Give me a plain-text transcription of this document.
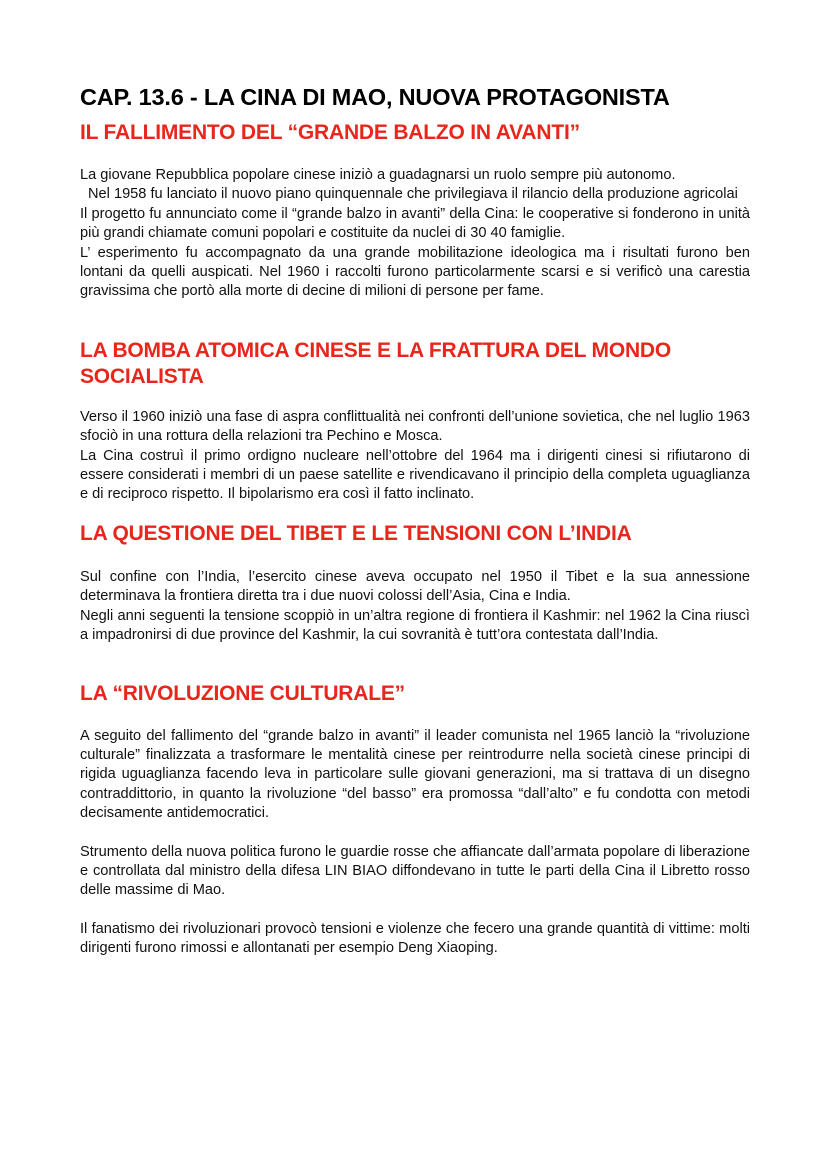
CAP. 13.6 - LA CINA DI MAO, NUOVA PROTAGONISTA
IL FALLIMENTO DEL “GRANDE BALZO IN AVANTI”

La giovane Repubblica popolare cinese iniziò a guadagnarsi un ruolo sempre più autonomo.

Nel 1958 fu lanciato il nuovo piano quinquennale che privilegiava il rilancio della produzione agricolai

Il progetto fu annunciato come il “grande balzo in avanti” della Cina: le cooperative si fonderono in unità più grandi chiamate comuni popolari e costituite da nuclei di 30 40 famiglie.

L’ esperimento fu accompagnato da una grande mobilitazione ideologica ma i risultati furono ben lontani da quelli auspicati. Nel 1960 i raccolti furono particolarmente scarsi e si verificò una carestia gravissima che portò alla morte di decine di milioni di persone per fame.

LA BOMBA ATOMICA CINESE E LA FRATTURA DEL MONDO SOCIALISTA

Verso il 1960 iniziò una fase di aspra conflittualità nei confronti dell’unione sovietica, che nel luglio 1963 sfociò in una rottura della relazioni tra Pechino e Mosca.

La Cina costruì il primo ordigno nucleare nell’ottobre del 1964 ma i dirigenti cinesi si rifiutarono di essere considerati i membri di un paese satellite e rivendicavano il principio della completa uguaglianza e di reciproco rispetto. Il bipolarismo era così il fatto inclinato.

LA QUESTIONE DEL TIBET E LE TENSIONI CON L’INDIA

Sul confine con l’India, l’esercito cinese aveva occupato nel 1950 il Tibet e la sua annessione determinava la frontiera diretta tra i due nuovi colossi dell’Asia, Cina e India.

Negli anni seguenti la tensione scoppiò in un’altra regione di frontiera il Kashmir: nel 1962 la Cina riuscì a impadronirsi di due province del Kashmir, la cui sovranità è tutt’ora contestata dall’India.

LA “RIVOLUZIONE CULTURALE”

A seguito del fallimento del “grande balzo in avanti” il leader comunista nel 1965 lanciò la “rivoluzione culturale” finalizzata a trasformare le mentalità cinese per reintrodurre nella società cinese principi di rigida uguaglianza facendo leva in particolare sulle giovani generazioni, ma si trattava di un disegno contraddittorio, in quanto la rivoluzione “del basso” era promossa “dall’alto” e fu condotta con metodi decisamente antidemocratici.

Strumento della nuova politica furono le guardie rosse che affiancate dall’armata popolare di liberazione e controllata dal ministro della difesa LIN BIAO diffondevano in tutte le parti della Cina il Libretto rosso delle massime di Mao.

Il fanatismo dei rivoluzionari provocò tensioni e violenze che fecero una grande quantità di vittime: molti dirigenti furono rimossi e allontanati per esempio Deng Xiaoping.
